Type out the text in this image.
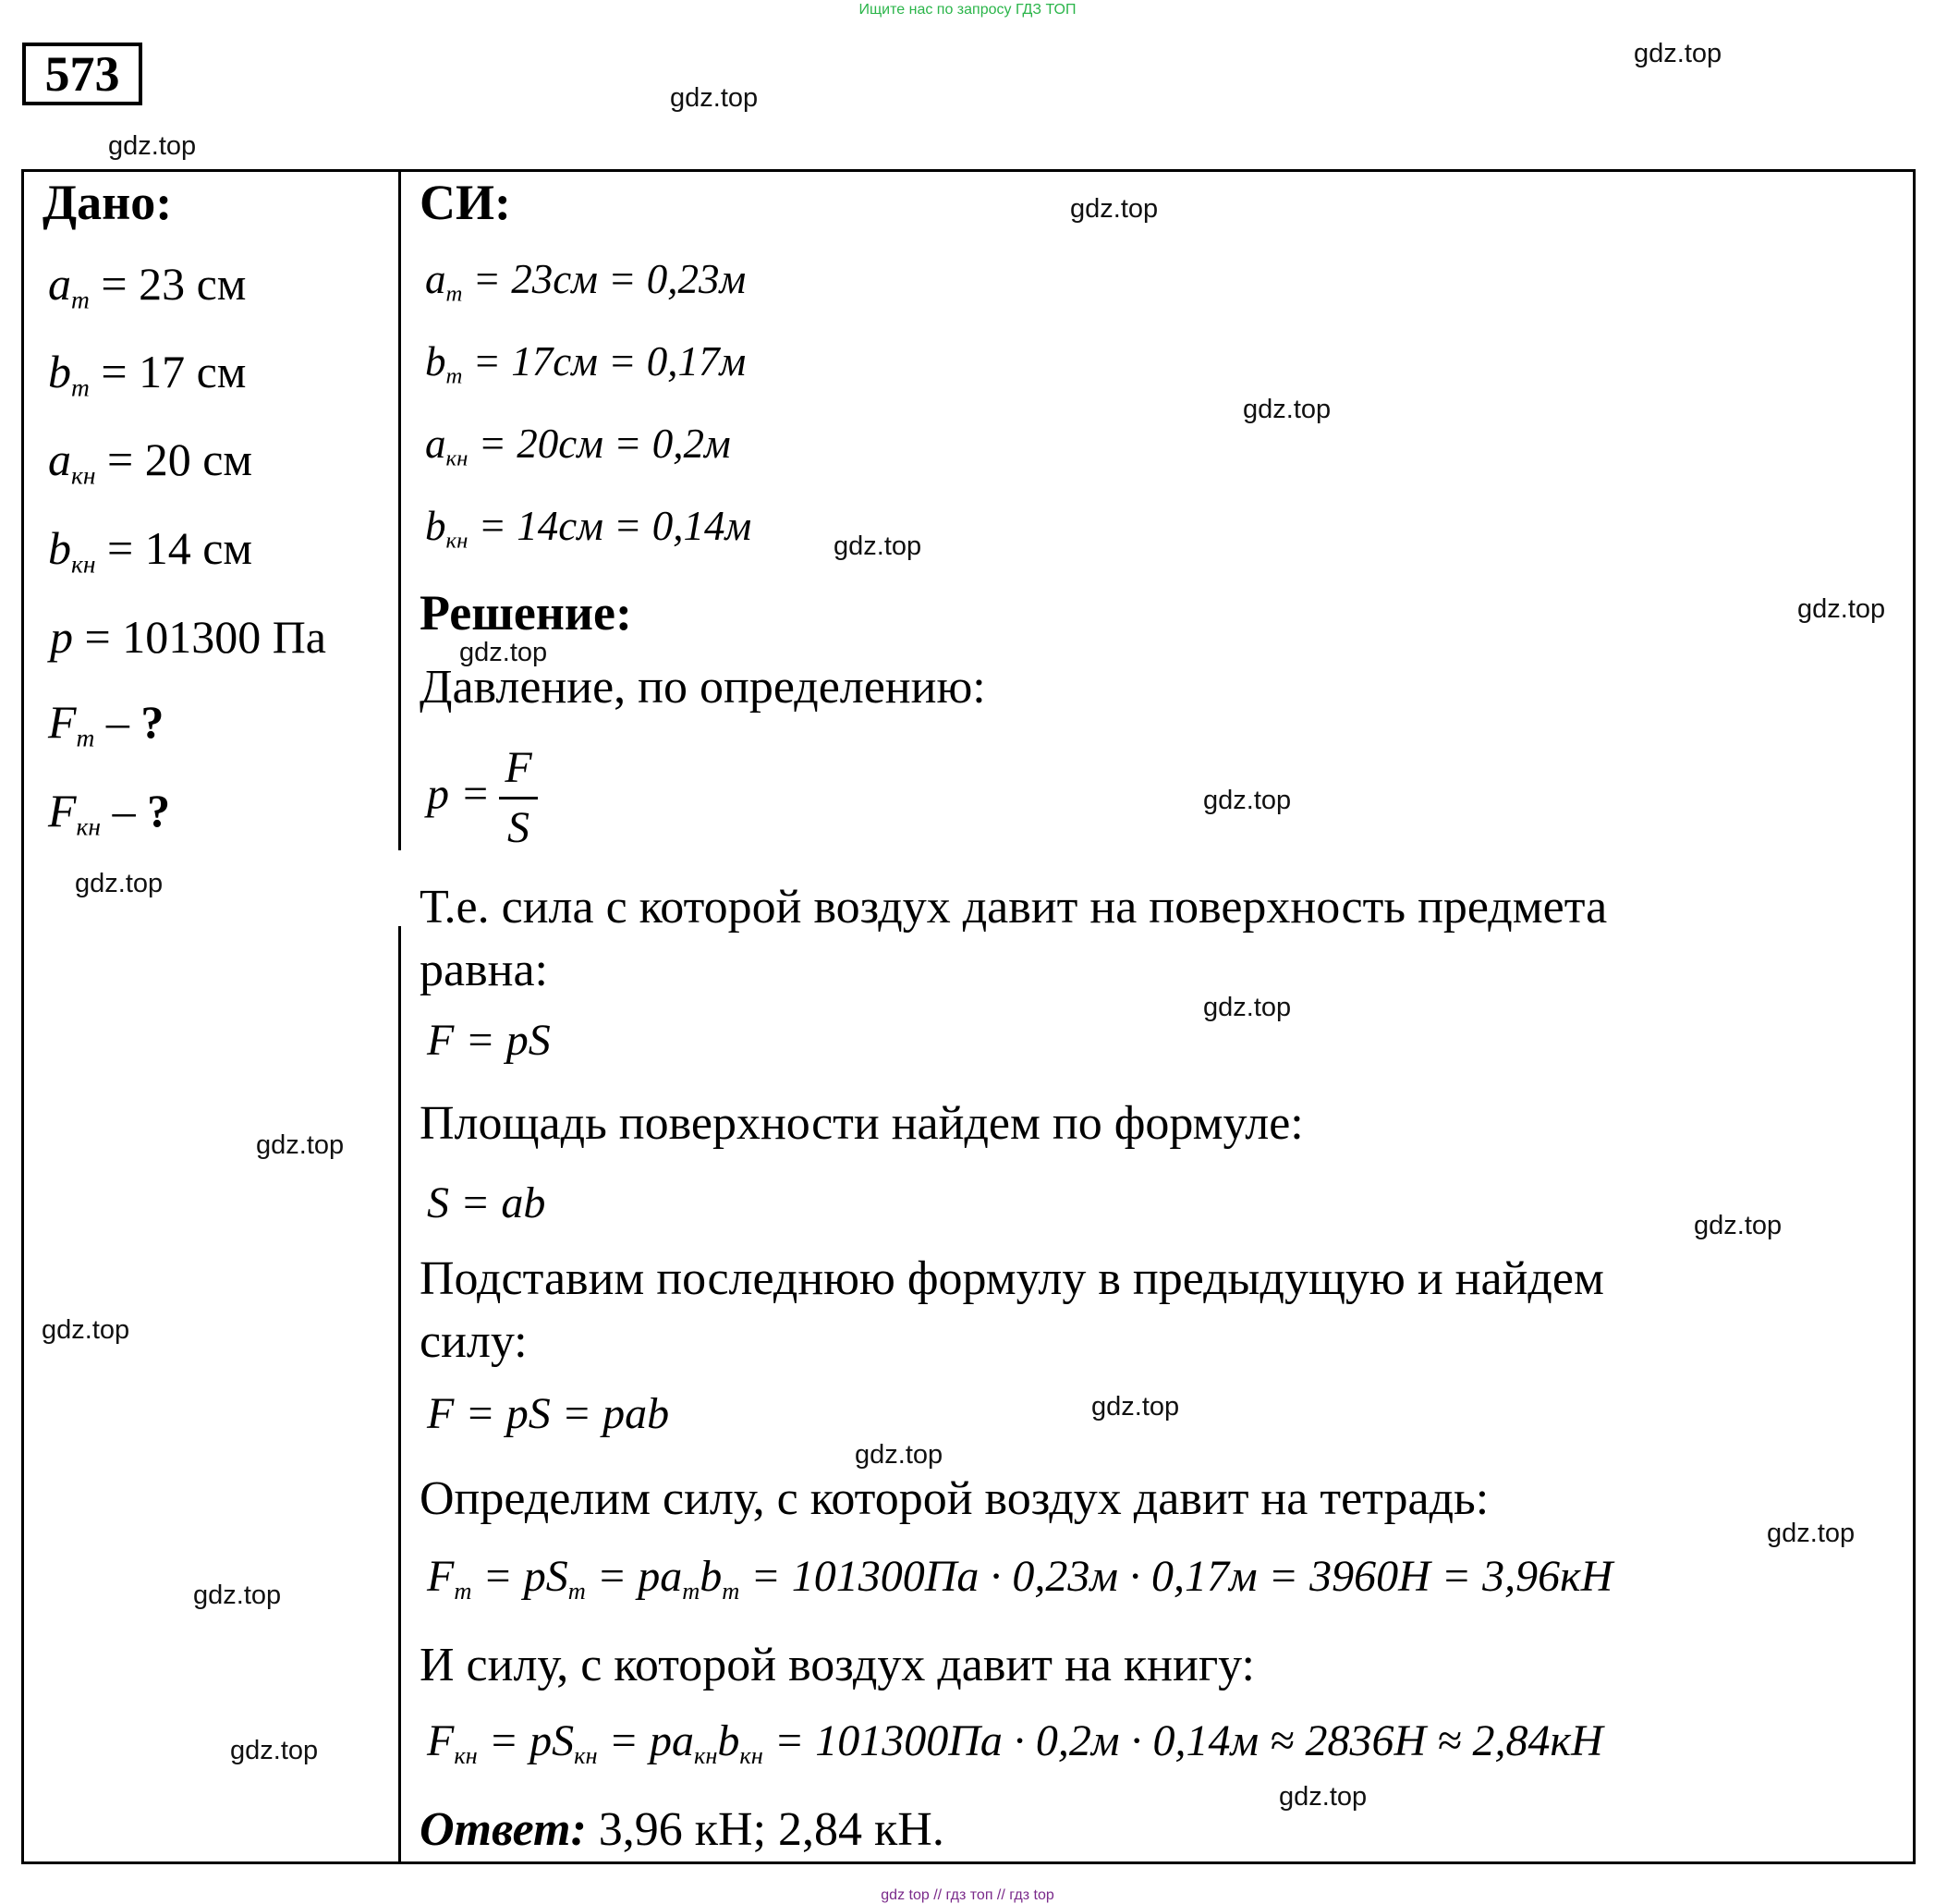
Ищите нас по запросу ГДЗ ТОП
573	gdz.top
gdz.top
gdz.top
gdz.top
gdz.top
gdz.top
gdz.top
gdz.top
gdz.top
gdz.top
gdz.top
gdz.top
gdz.top
gdz.top
gdz.top
gdz.top
gdz.top
gdz.top
gdz.top
gdz.top
Дано:
$a_т = 23$ см
$b_т = 17$ см
$a_{кн} = 20$ см
$b_{кн} = 14$ см
p = 101300 Па
$F_т$ – ?
$F_{кн}$ – ?
СИ:
$a_т = 23см = 0,23м$
$b_т = 17см = 0,17м$
$a_{кн} = 20см = 0,2м$
$b_{кн} = 14см = 0,14м$
Решение:
Давление, по определению:
$p = \frac{F}{S}$
Т.е. сила с которой воздух давит на поверхность предмета
равна:
F = pS
Площадь поверхности найдем по формуле:
S = ab
Подставим последнюю формулу в предыдущую и найдем
силу:
F = pS = pab
Определим силу, с которой воздух давит на тетрадь:
$F_т = pS_т = pa_тb_т = 101300Па \cdot 0,23м \cdot 0,17м = 3960Н = 3,96кН$
И силу, с которой воздух давит на книгу:
$F_{кн} = pS_{кн} = pa_{кн}b_{кн} = 101300Па \cdot 0,2м \cdot 0,14м \approx 2836Н \approx 2,84кН$
Ответ: 3,96 кН; 2,84 кН.
gdz top // гдз топ // гдз top
